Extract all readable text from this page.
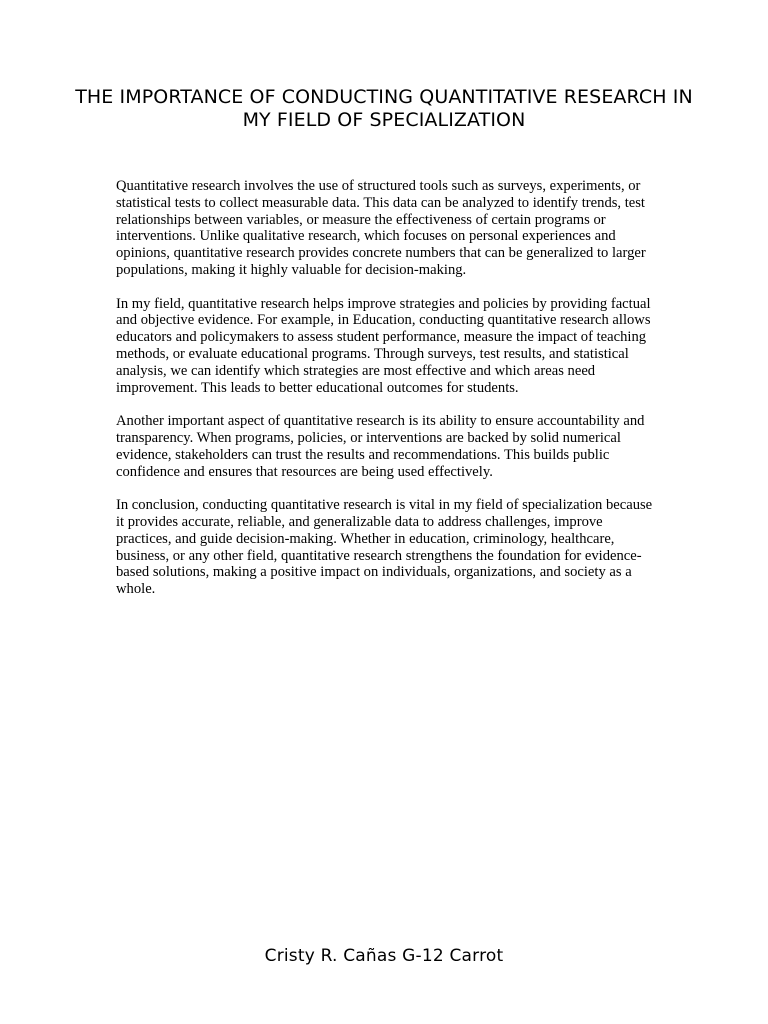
THE IMPORTANCE OF CONDUCTING QUANTITATIVE RESEARCH IN MY FIELD OF SPECIALIZATION

Quantitative research involves the use of structured tools such as surveys, experiments, or statistical tests to collect measurable data. This data can be analyzed to identify trends, test relationships between variables, or measure the effectiveness of certain programs or interventions. Unlike qualitative research, which focuses on personal experiences and opinions, quantitative research provides concrete numbers that can be generalized to larger populations, making it highly valuable for decision-making.

In my field, quantitative research helps improve strategies and policies by providing factual and objective evidence. For example, in Education, conducting quantitative research allows educators and policymakers to assess student performance, measure the impact of teaching methods, or evaluate educational programs. Through surveys, test results, and statistical analysis, we can identify which strategies are most effective and which areas need improvement. This leads to better educational outcomes for students.

Another important aspect of quantitative research is its ability to ensure accountability and transparency. When programs, policies, or interventions are backed by solid numerical evidence, stakeholders can trust the results and recommendations. This builds public confidence and ensures that resources are being used effectively.

In conclusion, conducting quantitative research is vital in my field of specialization because it provides accurate, reliable, and generalizable data to address challenges, improve practices, and guide decision-making. Whether in education, criminology, healthcare, business, or any other field, quantitative research strengthens the foundation for evidence-based solutions, making a positive impact on individuals, organizations, and society as a whole.

Cristy R. Cañas G-12 Carrot
